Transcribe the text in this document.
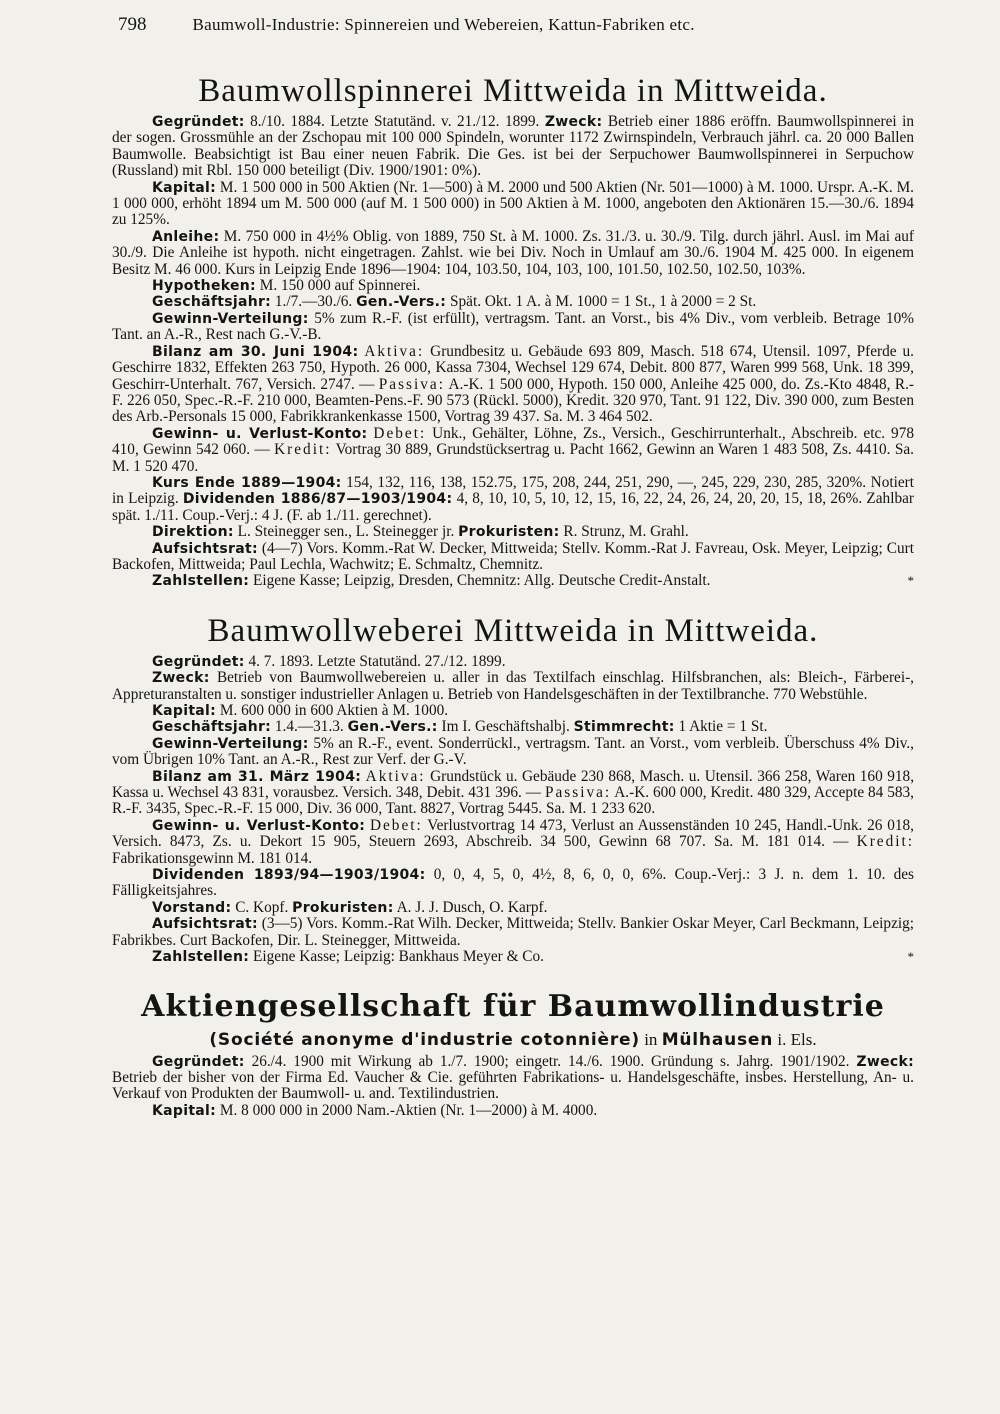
798	Baumwoll-Industrie: Spinnereien und Webereien, Kattun-Fabriken etc.
Baumwollspinnerei Mittweida in Mittweida.

Gegründet: 8./10. 1884. Letzte Statutänd. v. 21./12. 1899. Zweck: Betrieb einer 1886 eröffn. Baumwollspinnerei in der sogen. Grossmühle an der Zschopau mit 100 000 Spindeln, worunter 1172 Zwirnspindeln, Verbrauch jährl. ca. 20 000 Ballen Baumwolle. Beabsichtigt ist Bau einer neuen Fabrik. Die Ges. ist bei der Serpuchower Baumwollspinnerei in Serpuchow (Russland) mit Rbl. 150 000 beteiligt (Div. 1900/1901: 0%).

Kapital: M. 1 500 000 in 500 Aktien (Nr. 1—500) à M. 2000 und 500 Aktien (Nr. 501—1000) à M. 1000. Urspr. A.-K. M. 1 000 000, erhöht 1894 um M. 500 000 (auf M. 1 500 000) in 500 Aktien à M. 1000, angeboten den Aktionären 15.—30./6. 1894 zu 125%.

Anleihe: M. 750 000 in 4½% Oblig. von 1889, 750 St. à M. 1000. Zs. 31./3. u. 30./9. Tilg. durch jährl. Ausl. im Mai auf 30./9. Die Anleihe ist hypoth. nicht eingetragen. Zahlst. wie bei Div. Noch in Umlauf am 30./6. 1904 M. 425 000. In eigenem Besitz M. 46 000. Kurs in Leipzig Ende 1896—1904: 104, 103.50, 104, 103, 100, 101.50, 102.50, 102.50, 103%.

Hypotheken: M. 150 000 auf Spinnerei.

Geschäftsjahr: 1./7.—30./6. Gen.-Vers.: Spät. Okt. 1 A. à M. 1000 = 1 St., 1 à 2000 = 2 St.

Gewinn-Verteilung: 5% zum R.-F. (ist erfüllt), vertragsm. Tant. an Vorst., bis 4% Div., vom verbleib. Betrage 10% Tant. an A.-R., Rest nach G.-V.-B.

Bilanz am 30. Juni 1904: Aktiva: Grundbesitz u. Gebäude 693 809, Masch. 518 674, Utensil. 1097, Pferde u. Geschirre 1832, Effekten 263 750, Hypoth. 26 000, Kassa 7304, Wechsel 129 674, Debit. 800 877, Waren 999 568, Unk. 18 399, Geschirr-Unterhalt. 767, Versich. 2747. — Passiva: A.-K. 1 500 000, Hypoth. 150 000, Anleihe 425 000, do. Zs.-Kto 4848, R.-F. 226 050, Spec.-R.-F. 210 000, Beamten-Pens.-F. 90 573 (Rückl. 5000), Kredit. 320 970, Tant. 91 122, Div. 390 000, zum Besten des Arb.-Personals 15 000, Fabrikkrankenkasse 1500, Vortrag 39 437. Sa. M. 3 464 502.

Gewinn- u. Verlust-Konto: Debet: Unk., Gehälter, Löhne, Zs., Versich., Geschirrunterhalt., Abschreib. etc. 978 410, Gewinn 542 060. — Kredit: Vortrag 30 889, Grundstücksertrag u. Pacht 1662, Gewinn an Waren 1 483 508, Zs. 4410. Sa. M. 1 520 470.

Kurs Ende 1889—1904: 154, 132, 116, 138, 152.75, 175, 208, 244, 251, 290, —, 245, 229, 230, 285, 320%. Notiert in Leipzig. Dividenden 1886/87—1903/1904: 4, 8, 10, 10, 5, 10, 12, 15, 16, 22, 24, 26, 24, 20, 20, 15, 18, 26%. Zahlbar spät. 1./11. Coup.-Verj.: 4 J. (F. ab 1./11. gerechnet).

Direktion: L. Steinegger sen., L. Steinegger jr. Prokuristen: R. Strunz, M. Grahl.

Aufsichtsrat: (4—7) Vors. Komm.-Rat W. Decker, Mittweida; Stellv. Komm.-Rat J. Favreau, Osk. Meyer, Leipzig; Curt Backofen, Mittweida; Paul Lechla, Wachwitz; E. Schmaltz, Chemnitz.

Zahlstellen: Eigene Kasse; Leipzig, Dresden, Chemnitz: Allg. Deutsche Credit-Anstalt.	*

Baumwollweberei Mittweida in Mittweida.

Gegründet: 4. 7. 1893. Letzte Statutänd. 27./12. 1899.

Zweck: Betrieb von Baumwollwebereien u. aller in das Textilfach einschlag. Hilfsbranchen, als: Bleich-, Färberei-, Appreturanstalten u. sonstiger industrieller Anlagen u. Betrieb von Handelsgeschäften in der Textilbranche. 770 Webstühle.

Kapital: M. 600 000 in 600 Aktien à M. 1000.

Geschäftsjahr: 1.4.—31.3. Gen.-Vers.: Im I. Geschäftshalbj. Stimmrecht: 1 Aktie = 1 St.

Gewinn-Verteilung: 5% an R.-F., event. Sonderrückl., vertragsm. Tant. an Vorst., vom verbleib. Überschuss 4% Div., vom Übrigen 10% Tant. an A.-R., Rest zur Verf. der G.-V.

Bilanz am 31. März 1904: Aktiva: Grundstück u. Gebäude 230 868, Masch. u. Utensil. 366 258, Waren 160 918, Kassa u. Wechsel 43 831, vorausbez. Versich. 348, Debit. 431 396. — Passiva: A.-K. 600 000, Kredit. 480 329, Accepte 84 583, R.-F. 3435, Spec.-R.-F. 15 000, Div. 36 000, Tant. 8827, Vortrag 5445. Sa. M. 1 233 620.

Gewinn- u. Verlust-Konto: Debet: Verlustvortrag 14 473, Verlust an Aussenständen 10 245, Handl.-Unk. 26 018, Versich. 8473, Zs. u. Dekort 15 905, Steuern 2693, Abschreib. 34 500, Gewinn 68 707. Sa. M. 181 014. — Kredit: Fabrikationsgewinn M. 181 014.

Dividenden 1893/94—1903/1904: 0, 0, 4, 5, 0, 4½, 8, 6, 0, 0, 6%. Coup.-Verj.: 3 J. n. dem 1. 10. des Fälligkeitsjahres.

Vorstand: C. Kopf. Prokuristen: A. J. J. Dusch, O. Karpf.

Aufsichtsrat: (3—5) Vors. Komm.-Rat Wilh. Decker, Mittweida; Stellv. Bankier Oskar Meyer, Carl Beckmann, Leipzig; Fabrikbes. Curt Backofen, Dir. L. Steinegger, Mittweida.

Zahlstellen: Eigene Kasse; Leipzig: Bankhaus Meyer & Co.	*

Aktiengesellschaft für Baumwollindustrie
(Société anonyme d'industrie cotonnière) in Mülhausen i. Els.

Gegründet: 26./4. 1900 mit Wirkung ab 1./7. 1900; eingetr. 14./6. 1900. Gründung s. Jahrg. 1901/1902. Zweck: Betrieb der bisher von der Firma Ed. Vaucher & Cie. geführten Fabrikations- u. Handelsgeschäfte, insbes. Herstellung, An- u. Verkauf von Produkten der Baumwoll- u. and. Textilindustrien.

Kapital: M. 8 000 000 in 2000 Nam.-Aktien (Nr. 1—2000) à M. 4000.
